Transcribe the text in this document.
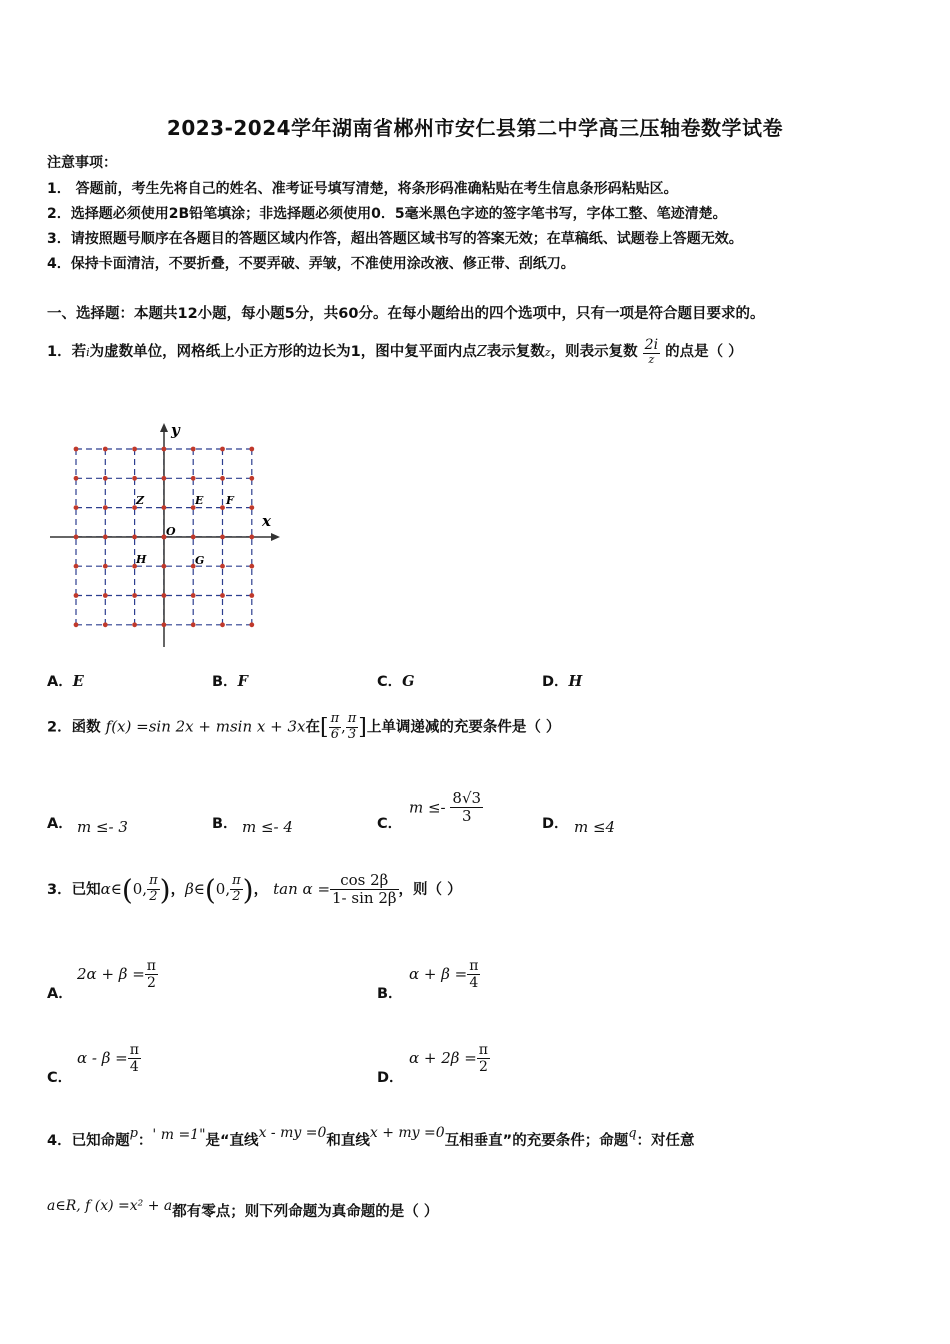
2023-2024学年湖南省郴州市安仁县第二中学高三压轴卷数学试卷
注意事项：
1． 答题前，考生先将自己的姓名、准考证号填写清楚，将条形码准确粘贴在考生信息条形码粘贴区。
2．选择题必须使用2B铅笔填涂；非选择题必须使用0．5毫米黑色字迹的签字笔书写，字体工整、笔迹清楚。
3．请按照题号顺序在各题目的答题区域内作答，超出答题区域书写的答案无效；在草稿纸、试题卷上答题无效。
4．保持卡面清洁，不要折叠，不要弄破、弄皱，不准使用涂改液、修正带、刮纸刀。
一、选择题：本题共12小题，每小题5分，共60分。在每小题给出的四个选项中，只有一项是符合题目要求的。
1．若i为虚数单位，网格纸上小正方形的边长为1，图中复平面内点Z表示复数z，则表示复数 $\frac{2i}{z}$ 的点是（ ）
y
x
O
Z	E F
H	G
A．E	B．F	C．G	D．H
2．函数 f(x) =sin 2x + msin x + 3x在[ $\frac{\pi}{6}$ , $\frac{\pi}{3}$ ]上单调递减的充要条件是（ ）
A． m ≤- 3	B． m ≤- 4	C．
$m \le- \frac{8√3}{3}$	D． m ≤4
3．已知α∈(0, $\frac{\pi}{2}$ )，β∈(0, $\frac{\pi}{2}$ )， $\tan \alpha = \frac{\cos 2\beta}{1- \sin 2\beta}$ ，则（ ）
A．
$2\alpha + \beta = \frac{\pi}{2}$
B．
$\alpha + \beta = \frac{\pi}{4}$
C．
$\alpha - \beta = \frac{\pi}{4}$
D．
$\alpha + 2\beta = \frac{\pi}{2}$
4．已知命题p：' m =1"是“直线x - my =0和直线x + my =0互相垂直”的充要条件；命题q：对任意
a∈R, f (x) =x² + a都有零点；则下列命题为真命题的是（ ）
